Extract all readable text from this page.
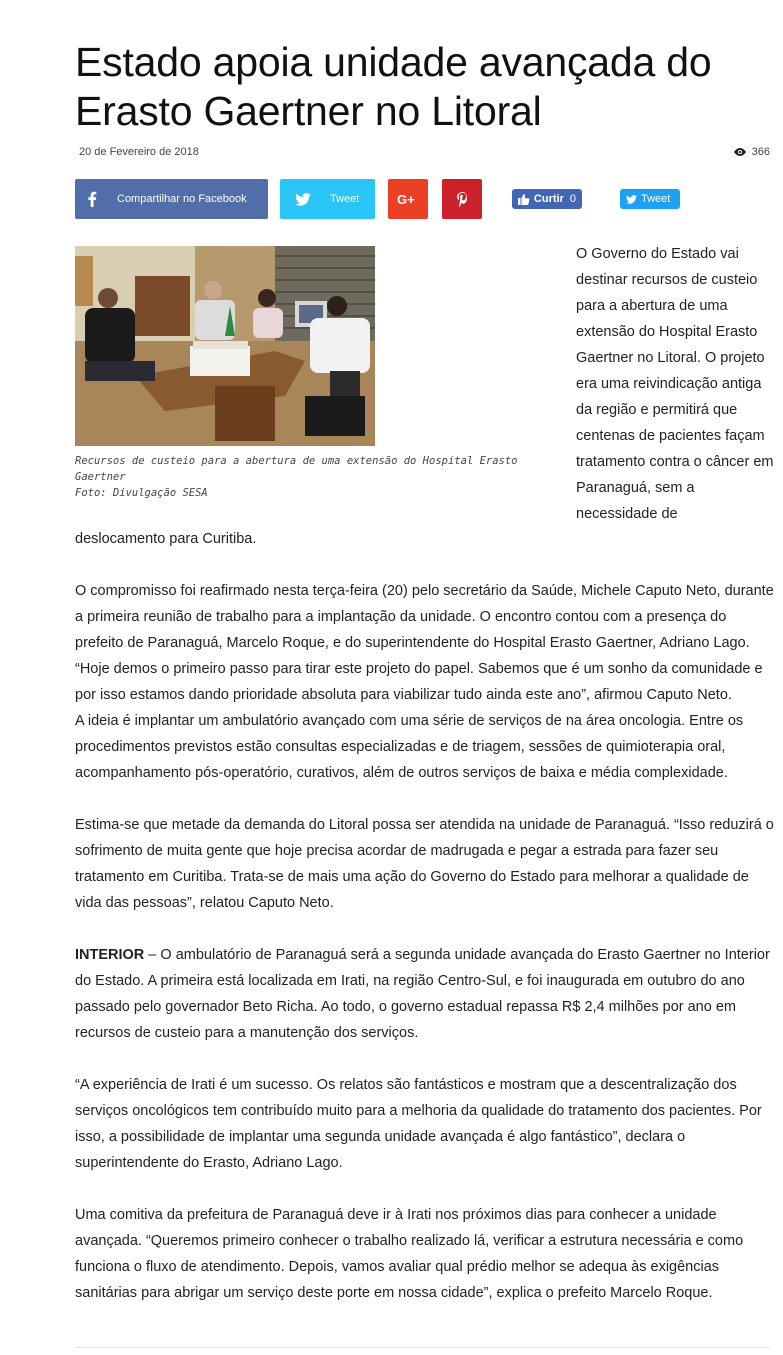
Estado apoia unidade avançada do Erasto Gaertner no Litoral
20 de Fevereiro de 2018	366
Compartilhar no Facebook	Tweet	G+	Curtir 0	Tweet
Recursos de custeio para a abertura de uma extensão do Hospital Erasto Gaertner
Foto: Divulgação SESA

O Governo do Estado vai destinar recursos de custeio para a abertura de uma extensão do Hospital Erasto Gaertner no Litoral. O projeto era uma reivindicação antiga da região e permitirá que centenas de pacientes façam tratamento contra o câncer em Paranaguá, sem a necessidade de

deslocamento para Curitiba.

O compromisso foi reafirmado nesta terça-feira (20) pelo secretário da Saúde, Michele Caputo Neto, durante a primeira reunião de trabalho para a implantação da unidade. O encontro contou com a presença do prefeito de Paranaguá, Marcelo Roque, e do superintendente do Hospital Erasto Gaertner, Adriano Lago. “Hoje demos o primeiro passo para tirar este projeto do papel. Sabemos que é um sonho da comunidade e por isso estamos dando prioridade absoluta para viabilizar tudo ainda este ano”, afirmou Caputo Neto.

A ideia é implantar um ambulatório avançado com uma série de serviços de na área oncologia. Entre os procedimentos previstos estão consultas especializadas e de triagem, sessões de quimioterapia oral, acompanhamento pós-operatório, curativos, além de outros serviços de baixa e média complexidade.

Estima-se que metade da demanda do Litoral possa ser atendida na unidade de Paranaguá. “Isso reduzirá o sofrimento de muita gente que hoje precisa acordar de madrugada e pegar a estrada para fazer seu tratamento em Curitiba. Trata-se de mais uma ação do Governo do Estado para melhorar a qualidade de vida das pessoas”, relatou Caputo Neto.

INTERIOR – O ambulatório de Paranaguá será a segunda unidade avançada do Erasto Gaertner no Interior do Estado. A primeira está localizada em Irati, na região Centro-Sul, e foi inaugurada em outubro do ano passado pelo governador Beto Richa. Ao todo, o governo estadual repassa R$ 2,4 milhões por ano em recursos de custeio para a manutenção dos serviços.

“A experiência de Irati é um sucesso. Os relatos são fantásticos e mostram que a descentralização dos serviços oncológicos tem contribuído muito para a melhoria da qualidade do tratamento dos pacientes. Por isso, a possibilidade de implantar uma segunda unidade avançada é algo fantástico”, declara o superintendente do Erasto, Adriano Lago.

Uma comitiva da prefeitura de Paranaguá deve ir à Irati nos próximos dias para conhecer a unidade avançada. “Queremos primeiro conhecer o trabalho realizado lá, verificar a estrutura necessária e como funciona o fluxo de atendimento. Depois, vamos avaliar qual prédio melhor se adequa às exigências sanitárias para abrigar um serviço deste porte em nossa cidade”, explica o prefeito Marcelo Roque.
